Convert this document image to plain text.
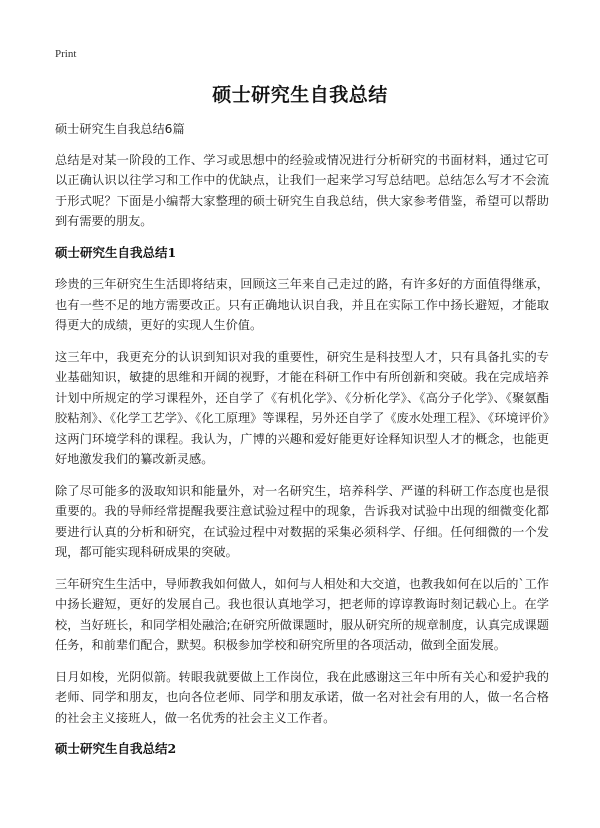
Print
硕士研究生自我总结

硕士研究生自我总结6篇

总结是对某一阶段的工作、学习或思想中的经验或情况进行分析研究的书面材料，通过它可以正确认识以往学习和工作中的优缺点，让我们一起来学习写总结吧。总结怎么写才不会流于形式呢？下面是小编帮大家整理的硕士研究生自我总结，供大家参考借鉴，希望可以帮助到有需要的朋友。

硕士研究生自我总结1

珍贵的三年研究生生活即将结束，回顾这三年来自己走过的路，有许多好的方面值得继承，也有一些不足的地方需要改正。只有正确地认识自我，并且在实际工作中扬长避短，才能取得更大的成绩，更好的实现人生价值。

这三年中，我更充分的认识到知识对我的重要性，研究生是科技型人才，只有具备扎实的专业基础知识，敏捷的思维和开阔的视野，才能在科研工作中有所创新和突破。我在完成培养计划中所规定的学习课程外，还自学了《有机化学》、《分析化学》、《高分子化学》、《聚氨酯胶粘剂》、《化学工艺学》、《化工原理》等课程，另外还自学了《废水处理工程》、《环境评价》这两门环境学科的课程。我认为，广博的兴趣和爱好能更好诠释知识型人才的概念，也能更好地激发我们的纂改新灵感。

除了尽可能多的汲取知识和能量外，对一名研究生，培养科学、严谨的科研工作态度也是很重要的。我的导师经常提醒我要注意试验过程中的现象，告诉我对试验中出现的细微变化都要进行认真的分析和研究，在试验过程中对数据的采集必须科学、仔细。任何细微的一个发现，都可能实现科研成果的突破。

三年研究生生活中，导师教我如何做人，如何与人相处和大交道，也教我如何在以后的`工作中扬长避短，更好的发展自己。我也很认真地学习，把老师的谆谆教诲时刻记载心上。在学校，当好班长，和同学相处融洽;在研究所做课题时，服从研究所的规章制度，认真完成课题任务，和前辈们配合，默契。积极参加学校和研究所里的各项活动，做到全面发展。

日月如梭，光阴似箭。转眼我就要做上工作岗位，我在此感谢这三年中所有关心和爱护我的老师、同学和朋友，也向各位老师、同学和朋友承诺，做一名对社会有用的人，做一名合格的社会主义接班人，做一名优秀的社会主义工作者。

硕士研究生自我总结2
